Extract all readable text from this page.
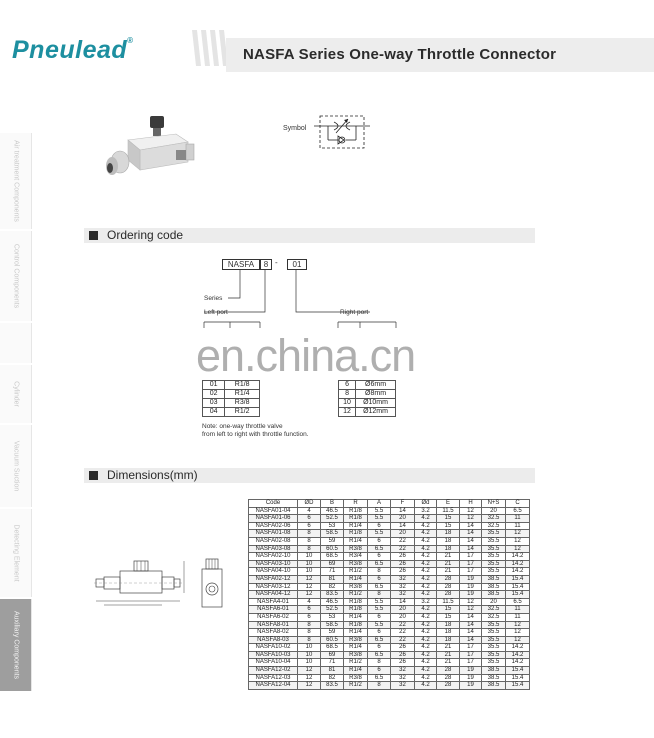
Pneulead®
NASFA Series One-way Throttle Connector
Air treatment Components
Control Components
Cylinder
Vacuum Suction
Detecting Element
Auxiliary Components
Symbol
Ordering code
NASFA	8 -	01
Series
Left port	Right port
01	R1/8
02	R1/4
03	R3/8
04	R1/2
6	Ø6mm
8	Ø8mm
10	Ø10mm
12	Ø12mm
en.china.cn
Note: one-way throttle valve
from left to right with throttle function.
Dimensions(mm)
Code	ØD	B	R	A	F	Ød	E	H	N+S	C
NASFA01-04	4	46.5	R1/8	5.5	14	3.2	11.5	12	20	6.5
NASFA01-06	6	52.5	R1/8	5.5	20	4.2	15	12	32.5	11
NASFA02-06	6	53	R1/4	6	14	4.2	15	14	32.5	11
NASFA01-08	8	58.5	R1/8	5.5	20	4.2	18	14	35.5	12
NASFA02-08	8	59	R1/4	6	22	4.2	18	14	35.5	12
NASFA03-08	8	60.5	R3/8	6.5	22	4.2	18	14	35.5	12
NASFA02-10	10	68.5	R3/4	6	26	4.2	21	17	35.5	14.2
NASFA03-10	10	69	R3/8	6.5	26	4.2	21	17	35.5	14.2
NASFA04-10	10	71	R1/2	8	26	4.2	21	17	35.5	14.2
NASFA02-12	12	81	R1/4	6	32	4.2	28	19	38.5	15.4
NASFA03-12	12	82	R3/8	6.5	32	4.2	28	19	38.5	15.4
NASFA04-12	12	83.5	R1/2	8	32	4.2	28	19	38.5	15.4
NASFA4-01	4	46.5	R1/8	5.5	14	3.2	11.5	12	20	6.5
NASFA6-01	6	52.5	R1/8	5.5	20	4.2	15	12	32.5	11
NASFA6-02	6	53	R1/4	6	20	4.2	15	14	32.5	11
NASFA8-01	8	58.5	R1/8	5.5	22	4.2	18	14	35.5	12
NASFA8-02	8	59	R1/4	6	22	4.2	18	14	35.5	12
NASFA8-03	8	60.5	R3/8	6.5	22	4.2	18	14	35.5	12
NASFA10-02	10	68.5	R1/4	6	26	4.2	21	17	35.5	14.2
NASFA10-03	10	69	R3/8	6.5	26	4.2	21	17	35.5	14.2
NASFA10-04	10	71	R1/2	8	26	4.2	21	17	35.5	14.2
NASFA12-02	12	81	R1/4	6	32	4.2	28	19	38.5	15.4
NASFA12-03	12	82	R3/8	6.5	32	4.2	28	19	38.5	15.4
NASFA12-04	12	83.5	R1/2	8	32	4.2	28	19	38.5	15.4
